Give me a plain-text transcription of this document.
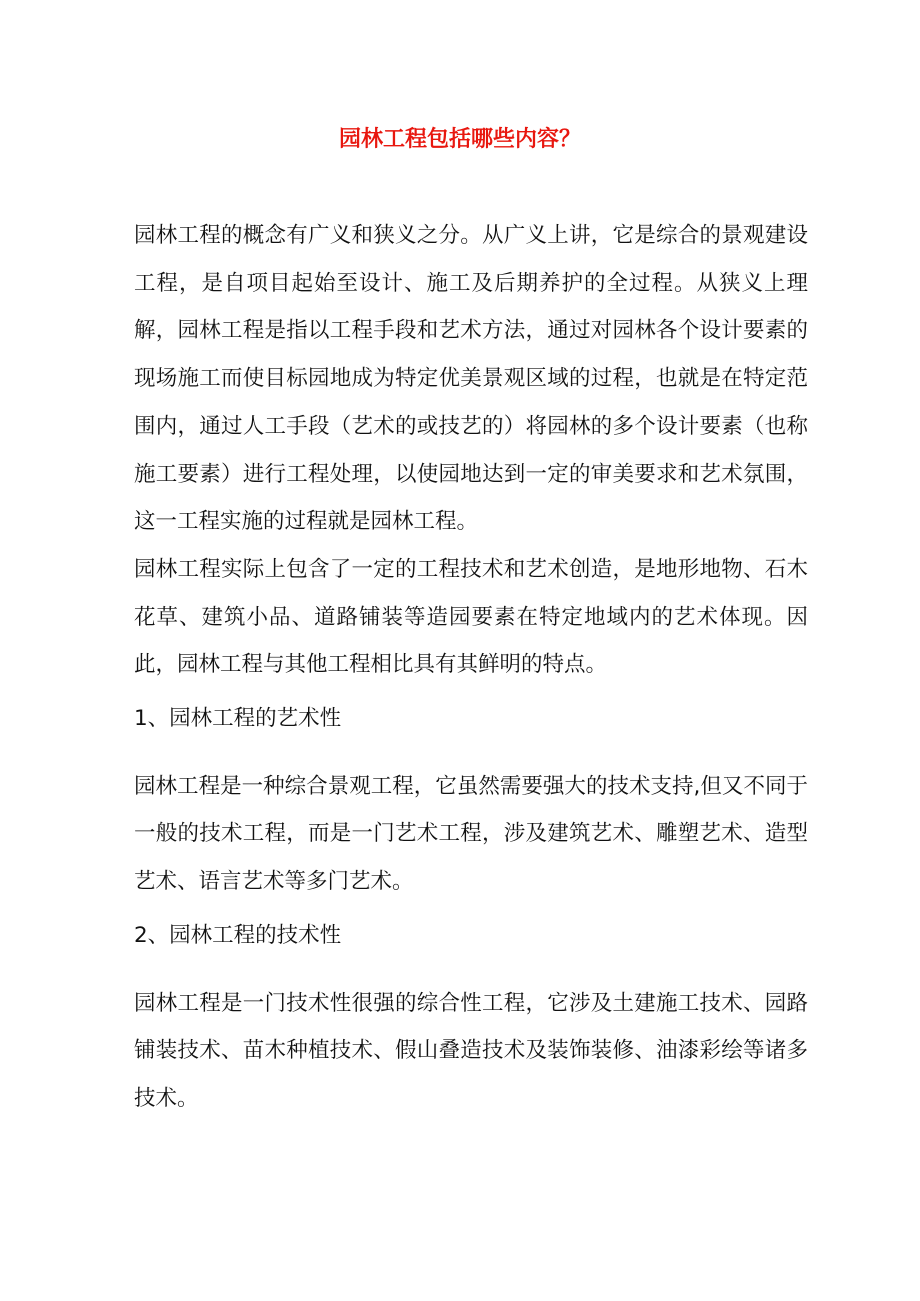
园林工程包括哪些内容？

园林工程的概念有广义和狭义之分。从广义上讲，它是综合的景观建设工程，是自项目起始至设计、施工及后期养护的全过程。从狭义上理解，园林工程是指以工程手段和艺术方法，通过对园林各个设计要素的现场施工而使目标园地成为特定优美景观区域的过程，也就是在特定范围内，通过人工手段（艺术的或技艺的）将园林的多个设计要素（也称施工要素）进行工程处理，以使园地达到一定的审美要求和艺术氛围，这一工程实施的过程就是园林工程。

园林工程实际上包含了一定的工程技术和艺术创造，是地形地物、石木花草、建筑小品、道路铺装等造园要素在特定地域内的艺术体现。因此，园林工程与其他工程相比具有其鲜明的特点。

1、园林工程的艺术性

园林工程是一种综合景观工程，它虽然需要强大的技术支持,但又不同于一般的技术工程，而是一门艺术工程，涉及建筑艺术、雕塑艺术、造型艺术、语言艺术等多门艺术。

2、园林工程的技术性

园林工程是一门技术性很强的综合性工程，它涉及土建施工技术、园路铺装技术、苗木种植技术、假山叠造技术及装饰装修、油漆彩绘等诸多技术。
